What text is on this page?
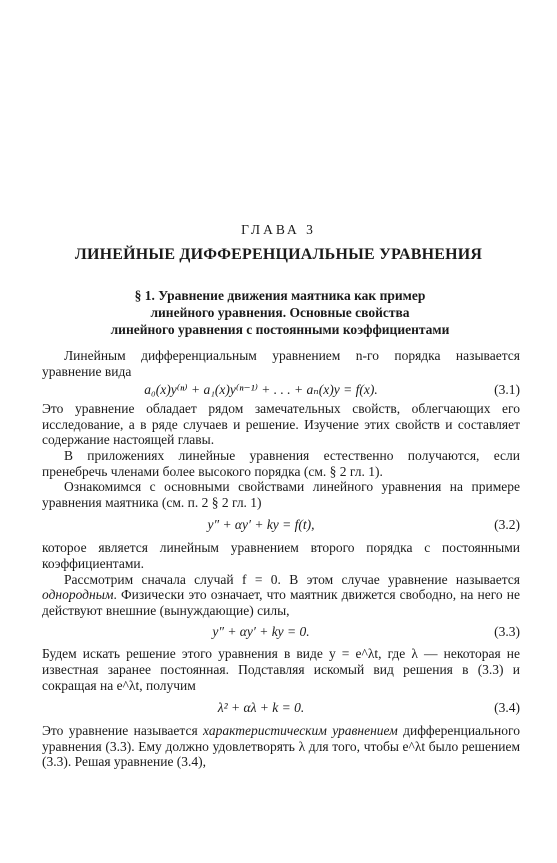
ГЛАВА 3
ЛИНЕЙНЫЕ ДИФФЕРЕНЦИАЛЬНЫЕ УРАВНЕНИЯ
§ 1. Уравнение движения маятника как пример
линейного уравнения. Основные свойства
линейного уравнения с постоянными коэффициентами

Линейным дифференциальным уравнением n-го порядка называется уравнение вида

a₀(x)y⁽ⁿ⁾ + a₁(x)y⁽ⁿ⁻¹⁾ + . . . + aₙ(x)y = f(x).	(3.1)

Это уравнение обладает рядом замечательных свойств, облегчающих его исследование, а в ряде случаев и решение. Изучение этих свойств и составляет содержание настоящей главы.

В приложениях линейные уравнения естественно получаются, если пренебречь членами более высокого порядка (см. § 2 гл. 1).

Ознакомимся с основными свойствами линейного уравнения на примере уравнения маятника (см. п. 2 § 2 гл. 1)

y″ + αy′ + ky = f(t),	(3.2)

которое является линейным уравнением второго порядка с постоянными коэффициентами.

Рассмотрим сначала случай f = 0. В этом случае уравнение называется однородным. Физически это означает, что маятник движется свободно, на него не действуют внешние (вынуждающие) силы,

y″ + αy′ + ky = 0.	(3.3)

Будем искать решение этого уравнения в виде y = e^λt, где λ — некоторая не известная заранее постоянная. Подставляя искомый вид решения в (3.3) и сокращая на e^λt, получим

λ² + αλ + k = 0.	(3.4)

Это уравнение называется характеристическим уравнением дифференциального уравнения (3.3). Ему должно удовлетворять λ для того, чтобы e^λt было решением (3.3). Решая уравнение (3.4),
